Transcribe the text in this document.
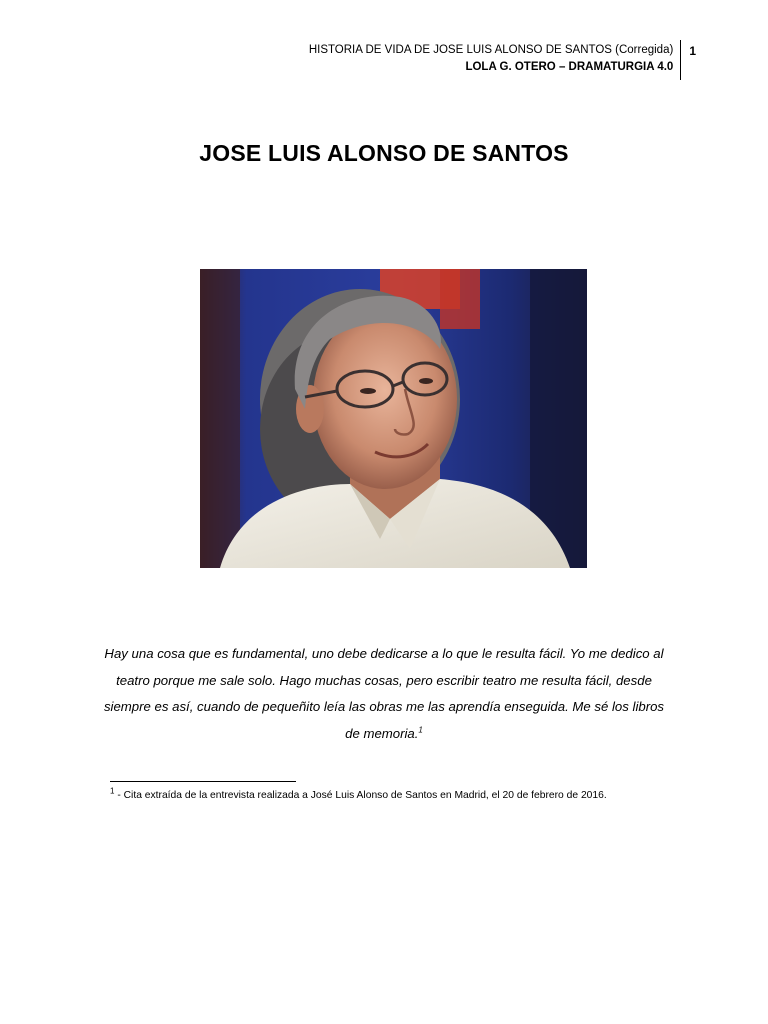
HISTORIA DE VIDA DE JOSE LUIS ALONSO DE SANTOS (Corregida)
LOLA G. OTERO – DRAMATURGIA 4.0
1
JOSE LUIS ALONSO DE SANTOS

Hay una cosa que es fundamental, uno debe dedicarse a lo que le resulta fácil. Yo me dedico al teatro porque me sale solo. Hago muchas cosas, pero escribir teatro me resulta fácil, desde siempre es así, cuando de pequeñito leía las obras me las aprendía enseguida. Me sé los libros de memoria.$^1$

$^1$ - Cita extraída de la entrevista realizada a José Luis Alonso de Santos en Madrid, el 20 de febrero de 2016.
